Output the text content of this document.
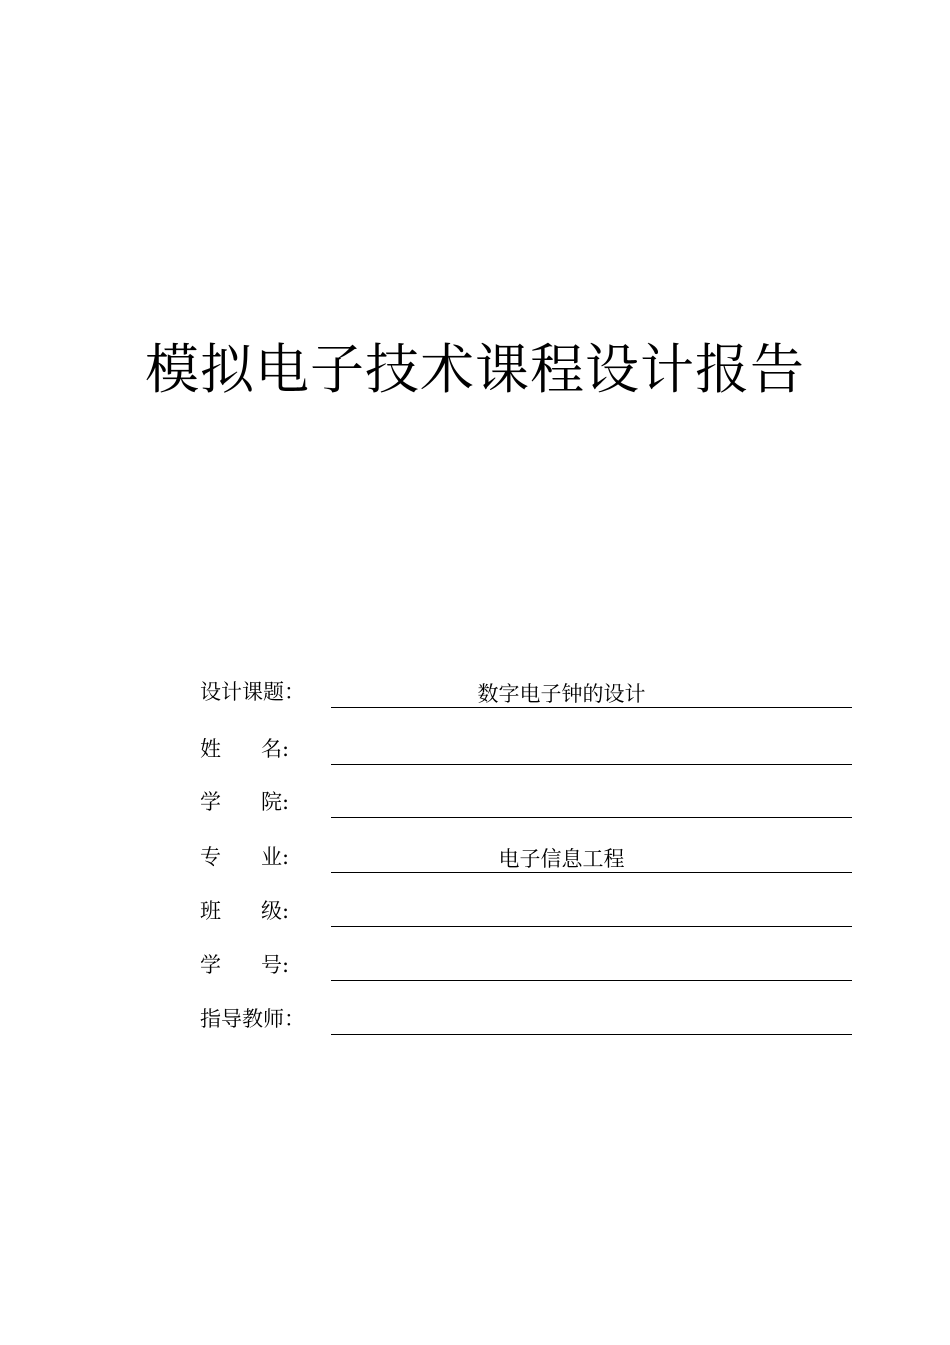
模拟电子技术课程设计报告
设计课题：	数字电子钟的设计
姓      名:
学      院:
专      业:	电子信息工程
班      级:
学      号:
指导教师：
